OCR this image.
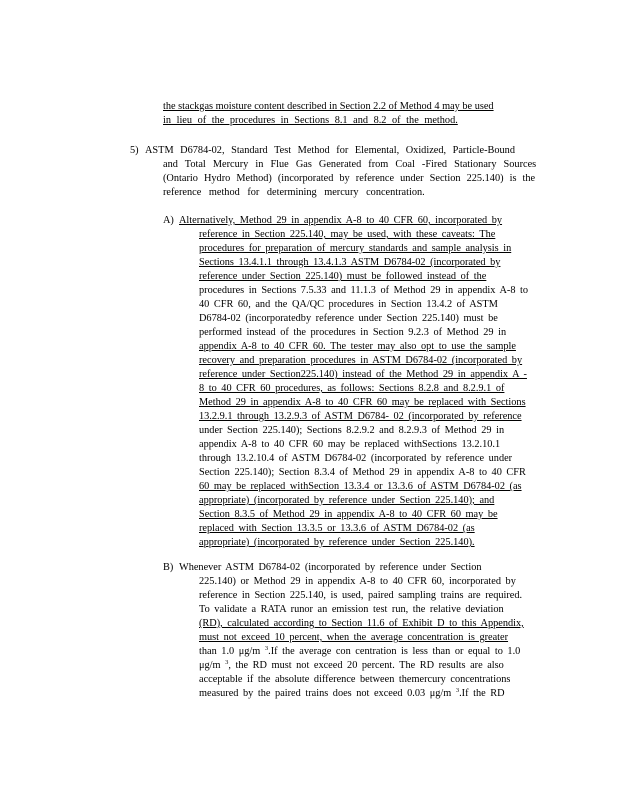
the stackgas moisture content described in Section 2.2 of Method 4 may be used
in lieu of the procedures in Sections 8.1 and 8.2 of the method.
5) ASTM D6784-02, Standard Test Method for Elemental, Oxidized, Particle-Bound
and Total Mercury in Flue Gas Generated from Coal -Fired Stationary Sources
(Ontario Hydro Method) (incorporated by reference under Section 225.140) is the
reference method for determining mercury concentration.
A) Alternatively, Method 29 in appendix A-8 to 40 CFR 60, incorporated by
reference in Section 225.140, may be used, with these caveats: The
procedures for preparation of mercury standards and sample analysis in
Sections 13.4.1.1 through 13.4.1.3 ASTM D6784-02 (incorporated by
reference under Section 225.140) must be followed instead of the
procedures in Sections 7.5.33 and 11.1.3 of Method 29 in appendix A-8 to
40 CFR 60, and the QA/QC procedures in Section 13.4.2 of ASTM
D6784-02 (incorporatedby reference under Section 225.140) must be
performed instead of the procedures in Section 9.2.3 of Method 29 in
appendix A-8 to 40 CFR 60. The tester may also opt to use the sample
recovery and preparation procedures in ASTM D6784-02 (incorporated by
reference under Section225.140) instead of the Method 29 in appendix A -
8 to 40 CFR 60 procedures, as follows: Sections 8.2.8 and 8.2.9.1 of
Method 29 in appendix A-8 to 40 CFR 60 may be replaced with Sections
13.2.9.1 through 13.2.9.3 of ASTM D6784- 02 (incorporated by reference
under Section 225.140); Sections 8.2.9.2 and 8.2.9.3 of Method 29 in
appendix A-8 to 40 CFR 60 may be replaced withSections 13.2.10.1
through 13.2.10.4 of ASTM D6784-02 (incorporated by reference under
Section 225.140); Section 8.3.4 of Method 29 in appendix A-8 to 40 CFR
60 may be replaced withSection 13.3.4 or 13.3.6 of ASTM D6784-02 (as
appropriate) (incorporated by reference under Section 225.140); and
Section 8.3.5 of Method 29 in appendix A-8 to 40 CFR 60 may be
replaced with Section 13.3.5 or 13.3.6 of ASTM D6784-02 (as
appropriate) (incorporated by reference under Section 225.140).
B) Whenever ASTM D6784-02 (incorporated by reference under Section
225.140) or Method 29 in appendix A-8 to 40 CFR 60, incorporated by
reference in Section 225.140, is used, paired sampling trains are required.
To validate a RATA runor an emission test run, the relative deviation
(RD), calculated according to Section 11.6 of Exhibit D to this Appendix,
must not exceed 10 percent, when the average concentration is greater
than 1.0 μg/m $^3$.If the average con centration is less than or equal to 1.0
μg/m $^3$, the RD must not exceed 20 percent. The RD results are also
acceptable if the absolute difference between themercury concentrations
measured by the paired trains does not exceed 0.03 μg/m $^3$.If the RD
